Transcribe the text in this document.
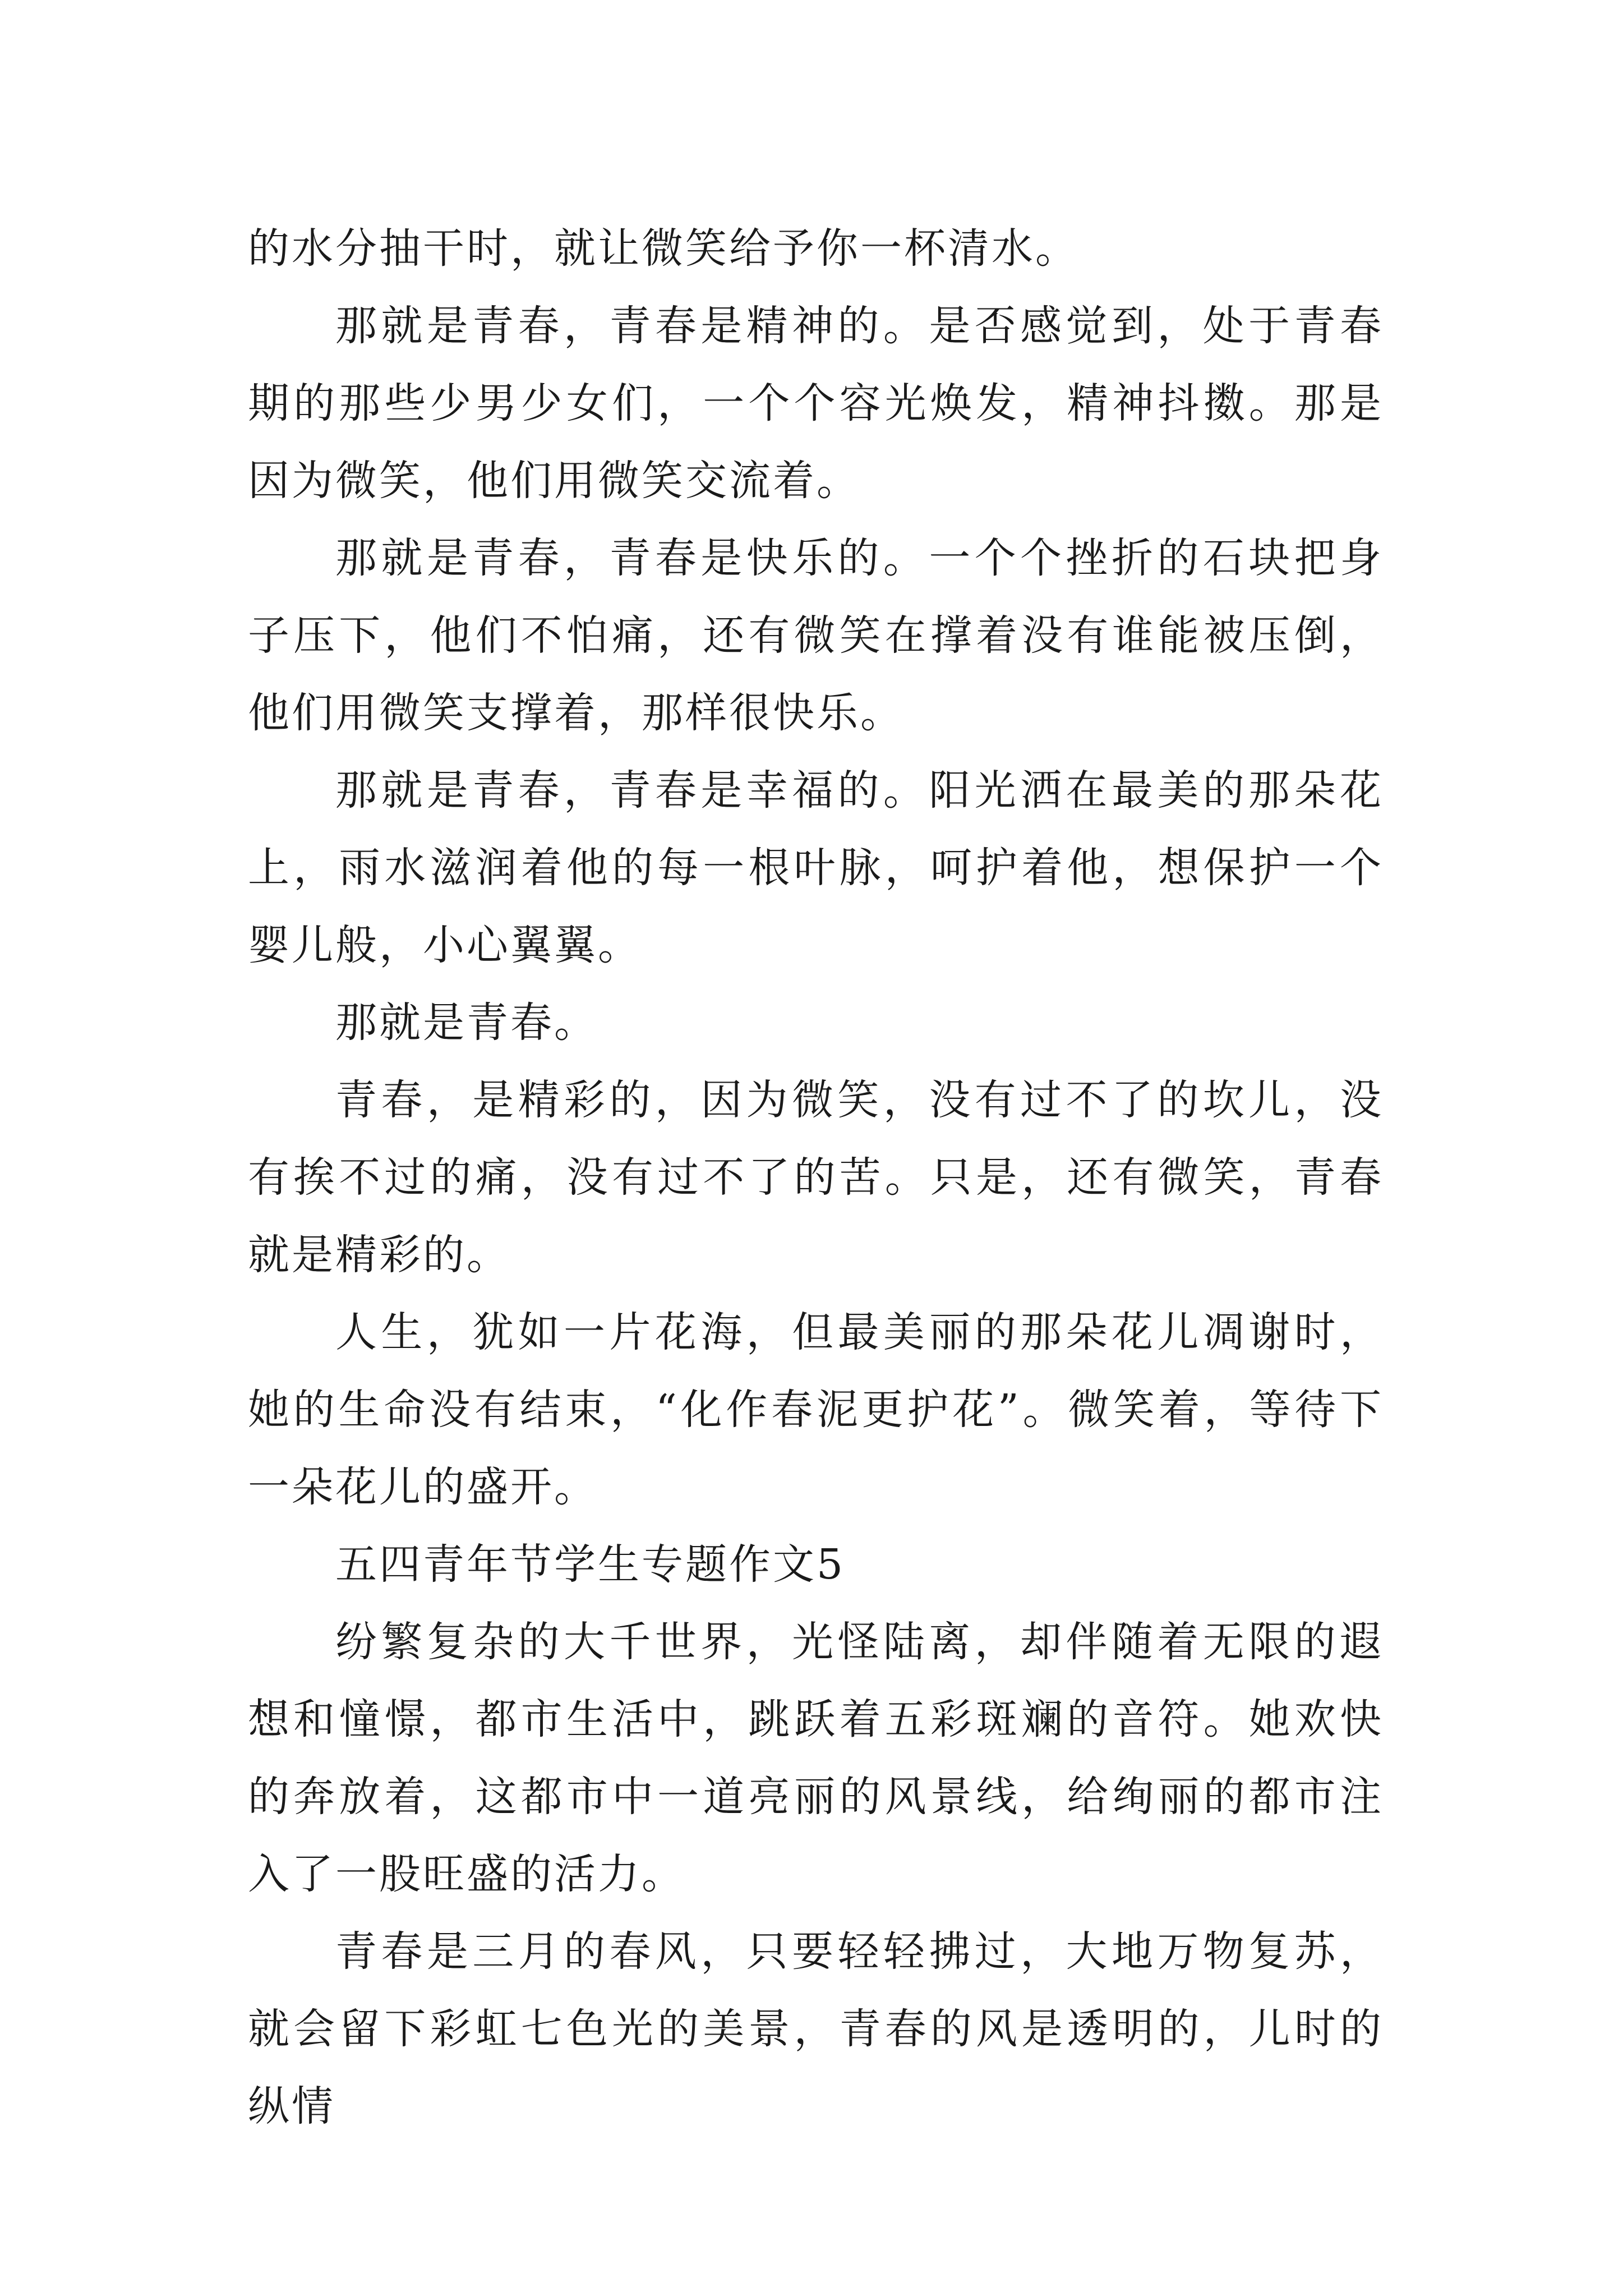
的水分抽干时，就让微笑给予你一杯清水。

那就是青春，青春是精神的。是否感觉到，处于青春期的那些少男少女们，一个个容光焕发，精神抖擞。那是因为微笑，他们用微笑交流着。

那就是青春，青春是快乐的。一个个挫折的石块把身子压下，他们不怕痛，还有微笑在撑着没有谁能被压倒，他们用微笑支撑着，那样很快乐。

那就是青春，青春是幸福的。阳光洒在最美的那朵花上，雨水滋润着他的每一根叶脉，呵护着他，想保护一个婴儿般，小心翼翼。

那就是青春。

青春，是精彩的，因为微笑，没有过不了的坎儿，没有挨不过的痛，没有过不了的苦。只是，还有微笑，青春就是精彩的。

人生，犹如一片花海，但最美丽的那朵花儿凋谢时，她的生命没有结束，“化作春泥更护花”。微笑着，等待下一朵花儿的盛开。

五四青年节学生专题作文5

纷繁复杂的大千世界，光怪陆离，却伴随着无限的遐想和憧憬，都市生活中，跳跃着五彩斑斓的音符。她欢快的奔放着，这都市中一道亮丽的风景线，给绚丽的都市注入了一股旺盛的活力。

青春是三月的春风，只要轻轻拂过，大地万物复苏，就会留下彩虹七色光的美景，青春的风是透明的，儿时的纵情
